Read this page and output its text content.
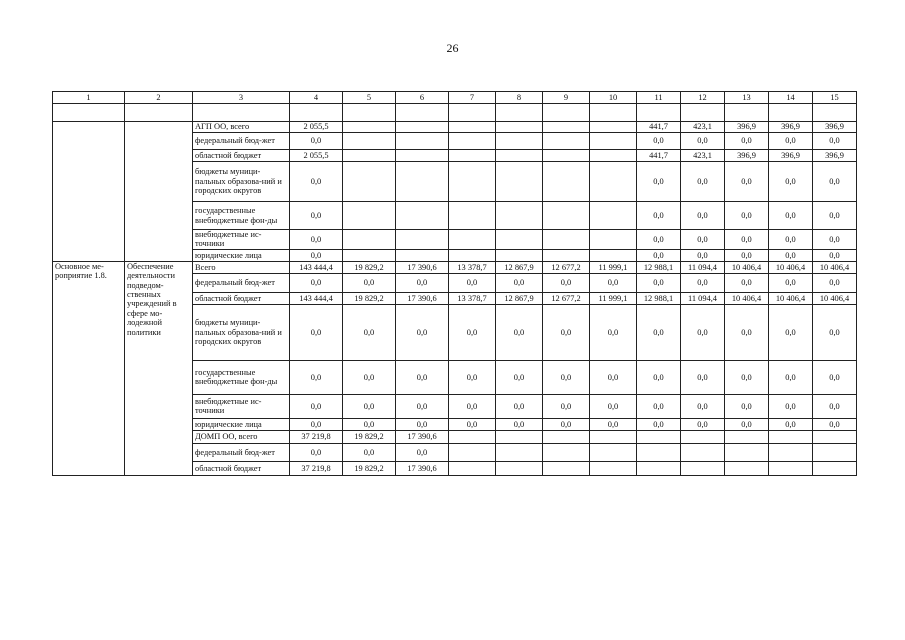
26
1	2	3	4	5	6	7	8	9	10	11	12	13	14	15

		АГП ОО, всего	2 055,5							441,7	423,1	396,9	396,9	396,9
		федеральный бюд-жет	0,0							0,0	0,0	0,0	0,0	0,0
		областной бюджет	2 055,5							441,7	423,1	396,9	396,9	396,9
		бюджеты муници-пальных образова-ний и городских округов	0,0							0,0	0,0	0,0	0,0	0,0
		государственные внебюджетные фон-ды	0,0							0,0	0,0	0,0	0,0	0,0
		внебюджетные ис-точники	0,0							0,0	0,0	0,0	0,0	0,0
		юридические лица	0,0							0,0	0,0	0,0	0,0	0,0
Основное ме-роприятие 1.8.	Обеспечение деятельности подведом-ственных учреждений в сфере мо-лодежной политики	Всего	143 444,4	19 829,2	17 390,6	13 378,7	12 867,9	12 677,2	11 999,1	12 988,1	11 094,4	10 406,4	10 406,4	10 406,4
		федеральный бюд-жет	0,0	0,0	0,0	0,0	0,0	0,0	0,0	0,0	0,0	0,0	0,0	0,0
		областной бюджет	143 444,4	19 829,2	17 390,6	13 378,7	12 867,9	12 677,2	11 999,1	12 988,1	11 094,4	10 406,4	10 406,4	10 406,4
		бюджеты муници-пальных образова-ний и городских округов	0,0	0,0	0,0	0,0	0,0	0,0	0,0	0,0	0,0	0,0	0,0	0,0
		государственные внебюджетные фон-ды	0,0	0,0	0,0	0,0	0,0	0,0	0,0	0,0	0,0	0,0	0,0	0,0
		внебюджетные ис-точники	0,0	0,0	0,0	0,0	0,0	0,0	0,0	0,0	0,0	0,0	0,0	0,0
		юридические лица	0,0	0,0	0,0	0,0	0,0	0,0	0,0	0,0	0,0	0,0	0,0	0,0
		ДОМП ОО, всего	37 219,8	19 829,2	17 390,6									
		федеральный бюд-жет	0,0	0,0	0,0									
		областной бюджет	37 219,8	19 829,2	17 390,6									
